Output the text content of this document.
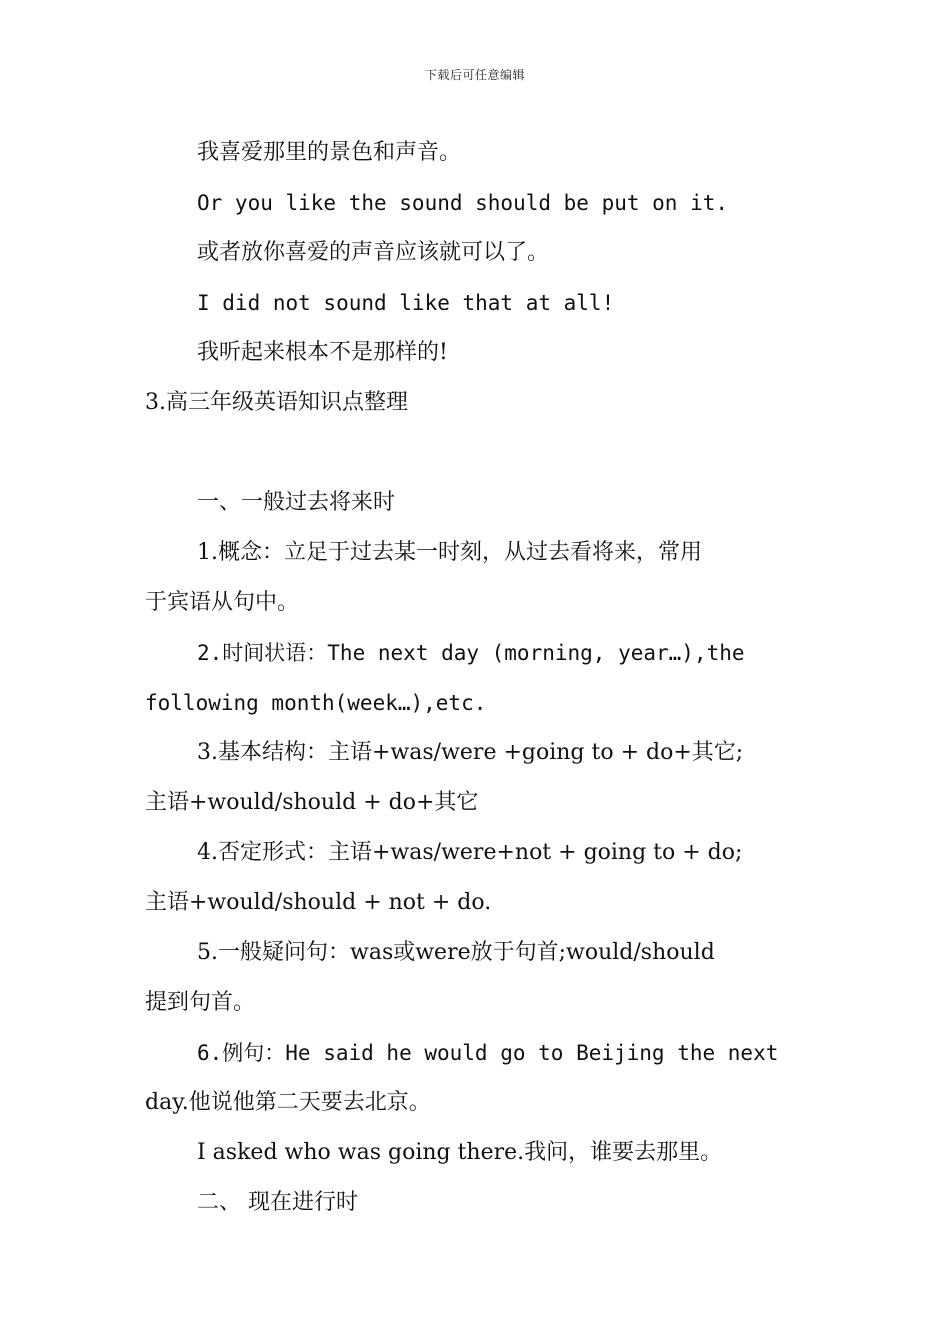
下载后可任意编辑
我喜爱那里的景色和声音。
Or you like the sound should be put on it.
或者放你喜爱的声音应该就可以了。
I did not sound like that at all!
我听起来根本不是那样的!
3.高三年级英语知识点整理
一、一般过去将来时
1.概念：立足于过去某一时刻，从过去看将来，常用
于宾语从句中。
2.时间状语：The next day (morning, year…),the
following month(week…),etc.
3.基本结构：主语+was/were +going to + do+其它;
主语+would/should + do+其它
4.否定形式：主语+was/were+not + going to + do;
主语+would/should + not + do.
5.一般疑问句：was或were放于句首;would/should
提到句首。
6.例句：He said he would go to Beijing the next
day.他说他第二天要去北京。
I asked who was going there.我问，谁要去那里。
二、 现在进行时
